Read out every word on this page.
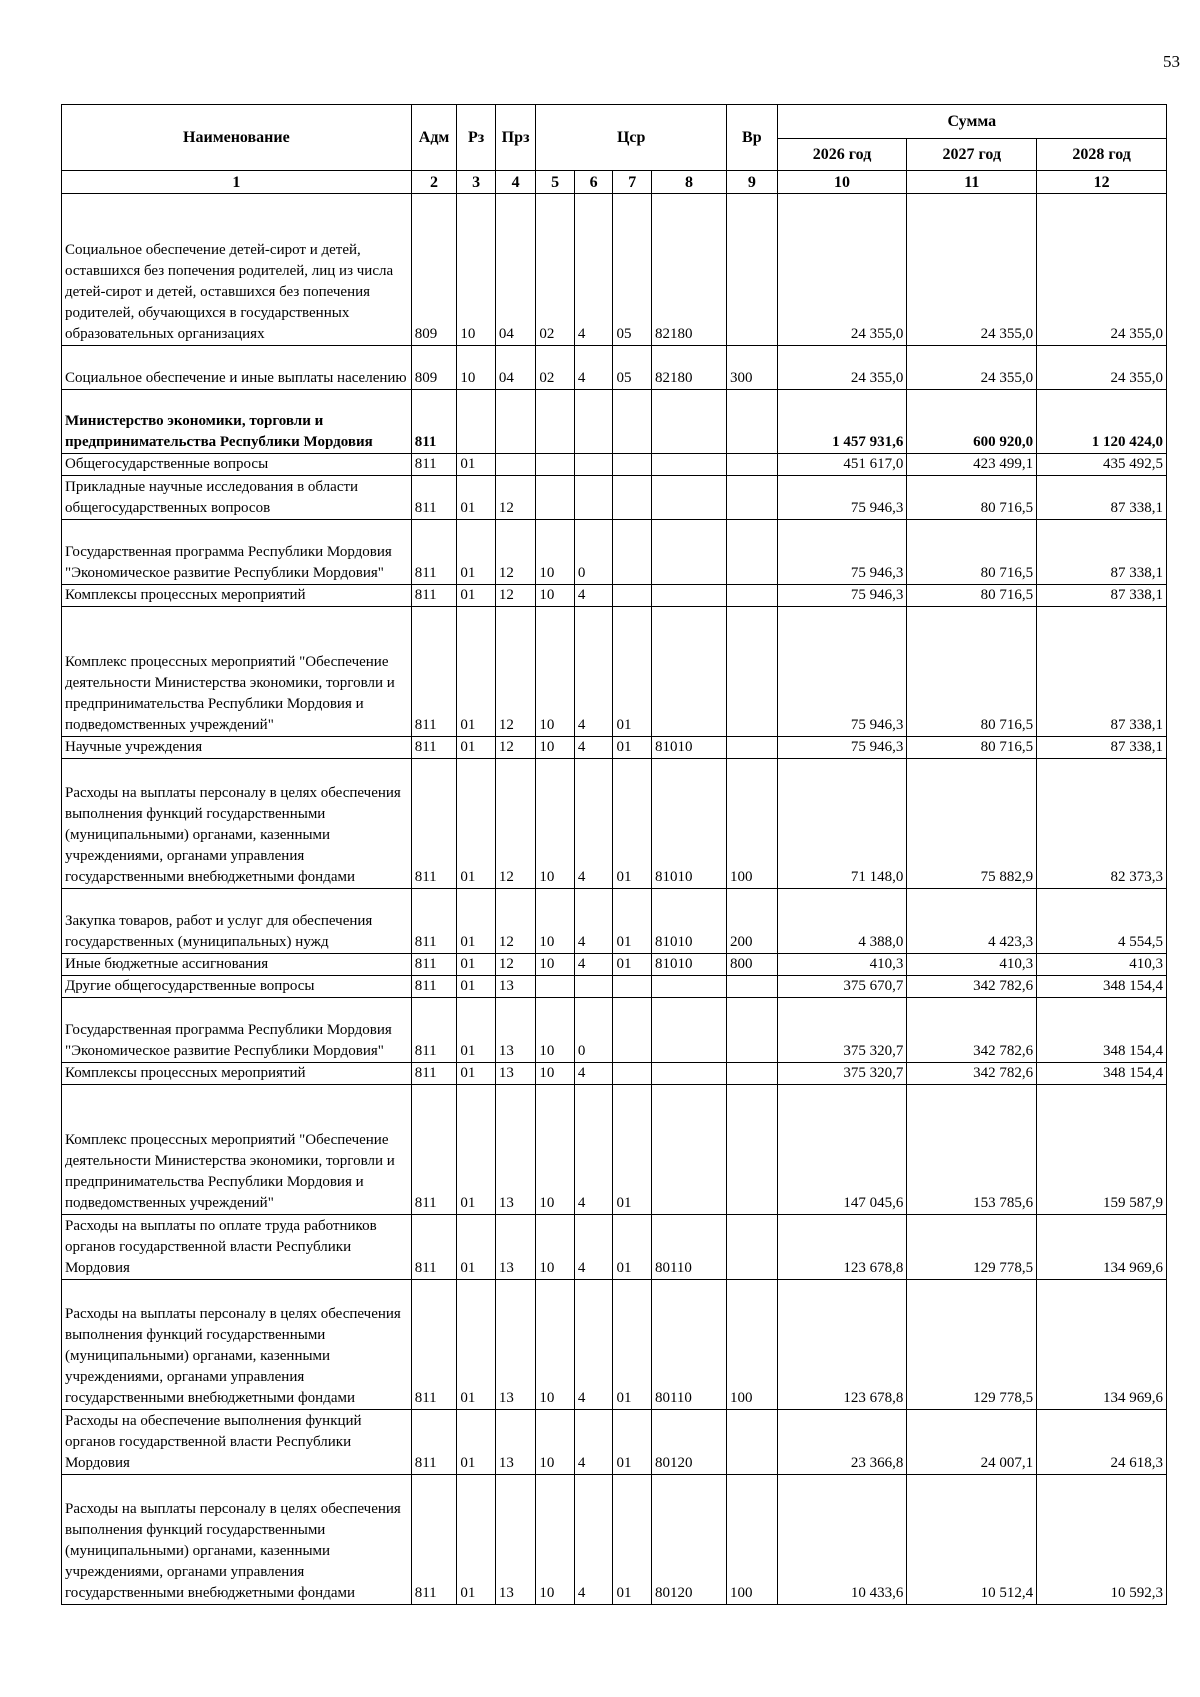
53
Наименование	Адм	Рз	Прз	Цср				Вр	Сумма		
									2026 год	2027 год	2028 год
1	2	3	4	5	6	7	8	9	10	11	12
Социальное обеспечение детей-сирот и детей, оставшихся без попечения родителей, лиц из числа детей-сирот и детей, оставшихся без попечения родителей, обучающихся в государственных образовательных организациях	809	10	04	02	4	05	82180		24 355,0	24 355,0	24 355,0
Социальное обеспечение и иные выплаты населению	809	10	04	02	4	05	82180	300	24 355,0	24 355,0	24 355,0
Министерство экономики, торговли и предпринимательства Республики Мордовия	811								1 457 931,6	600 920,0	1 120 424,0
Общегосударственные вопросы	811	01							451 617,0	423 499,1	435 492,5
Прикладные научные исследования в области общегосударственных вопросов	811	01	12						75 946,3	80 716,5	87 338,1
Государственная программа Республики Мордовия "Экономическое развитие Республики Мордовия"	811	01	12	10	0				75 946,3	80 716,5	87 338,1
Комплексы процессных мероприятий	811	01	12	10	4				75 946,3	80 716,5	87 338,1
Комплекс процессных мероприятий "Обеспечение деятельности Министерства экономики, торговли и предпринимательства Республики Мордовия и подведомственных учреждений"	811	01	12	10	4	01			75 946,3	80 716,5	87 338,1
Научные учреждения	811	01	12	10	4	01	81010		75 946,3	80 716,5	87 338,1
Расходы на выплаты персоналу в целях обеспечения выполнения функций государственными (муниципальными) органами, казенными учреждениями, органами управления государственными внебюджетными фондами	811	01	12	10	4	01	81010	100	71 148,0	75 882,9	82 373,3
Закупка товаров, работ и услуг для обеспечения государственных (муниципальных) нужд	811	01	12	10	4	01	81010	200	4 388,0	4 423,3	4 554,5
Иные бюджетные ассигнования	811	01	12	10	4	01	81010	800	410,3	410,3	410,3
Другие общегосударственные вопросы	811	01	13						375 670,7	342 782,6	348 154,4
Государственная программа Республики Мордовия "Экономическое развитие Республики Мордовия"	811	01	13	10	0				375 320,7	342 782,6	348 154,4
Комплексы процессных мероприятий	811	01	13	10	4				375 320,7	342 782,6	348 154,4
Комплекс процессных мероприятий "Обеспечение деятельности Министерства экономики, торговли и предпринимательства Республики Мордовия и подведомственных учреждений"	811	01	13	10	4	01			147 045,6	153 785,6	159 587,9
Расходы на выплаты по оплате труда работников органов государственной власти Республики Мордовия	811	01	13	10	4	01	80110		123 678,8	129 778,5	134 969,6
Расходы на выплаты персоналу в целях обеспечения выполнения функций государственными (муниципальными) органами, казенными учреждениями, органами управления государственными внебюджетными фондами	811	01	13	10	4	01	80110	100	123 678,8	129 778,5	134 969,6
Расходы на обеспечение выполнения функций органов государственной власти Республики Мордовия	811	01	13	10	4	01	80120		23 366,8	24 007,1	24 618,3
Расходы на выплаты персоналу в целях обеспечения выполнения функций государственными (муниципальными) органами, казенными учреждениями, органами управления государственными внебюджетными фондами	811	01	13	10	4	01	80120	100	10 433,6	10 512,4	10 592,3
